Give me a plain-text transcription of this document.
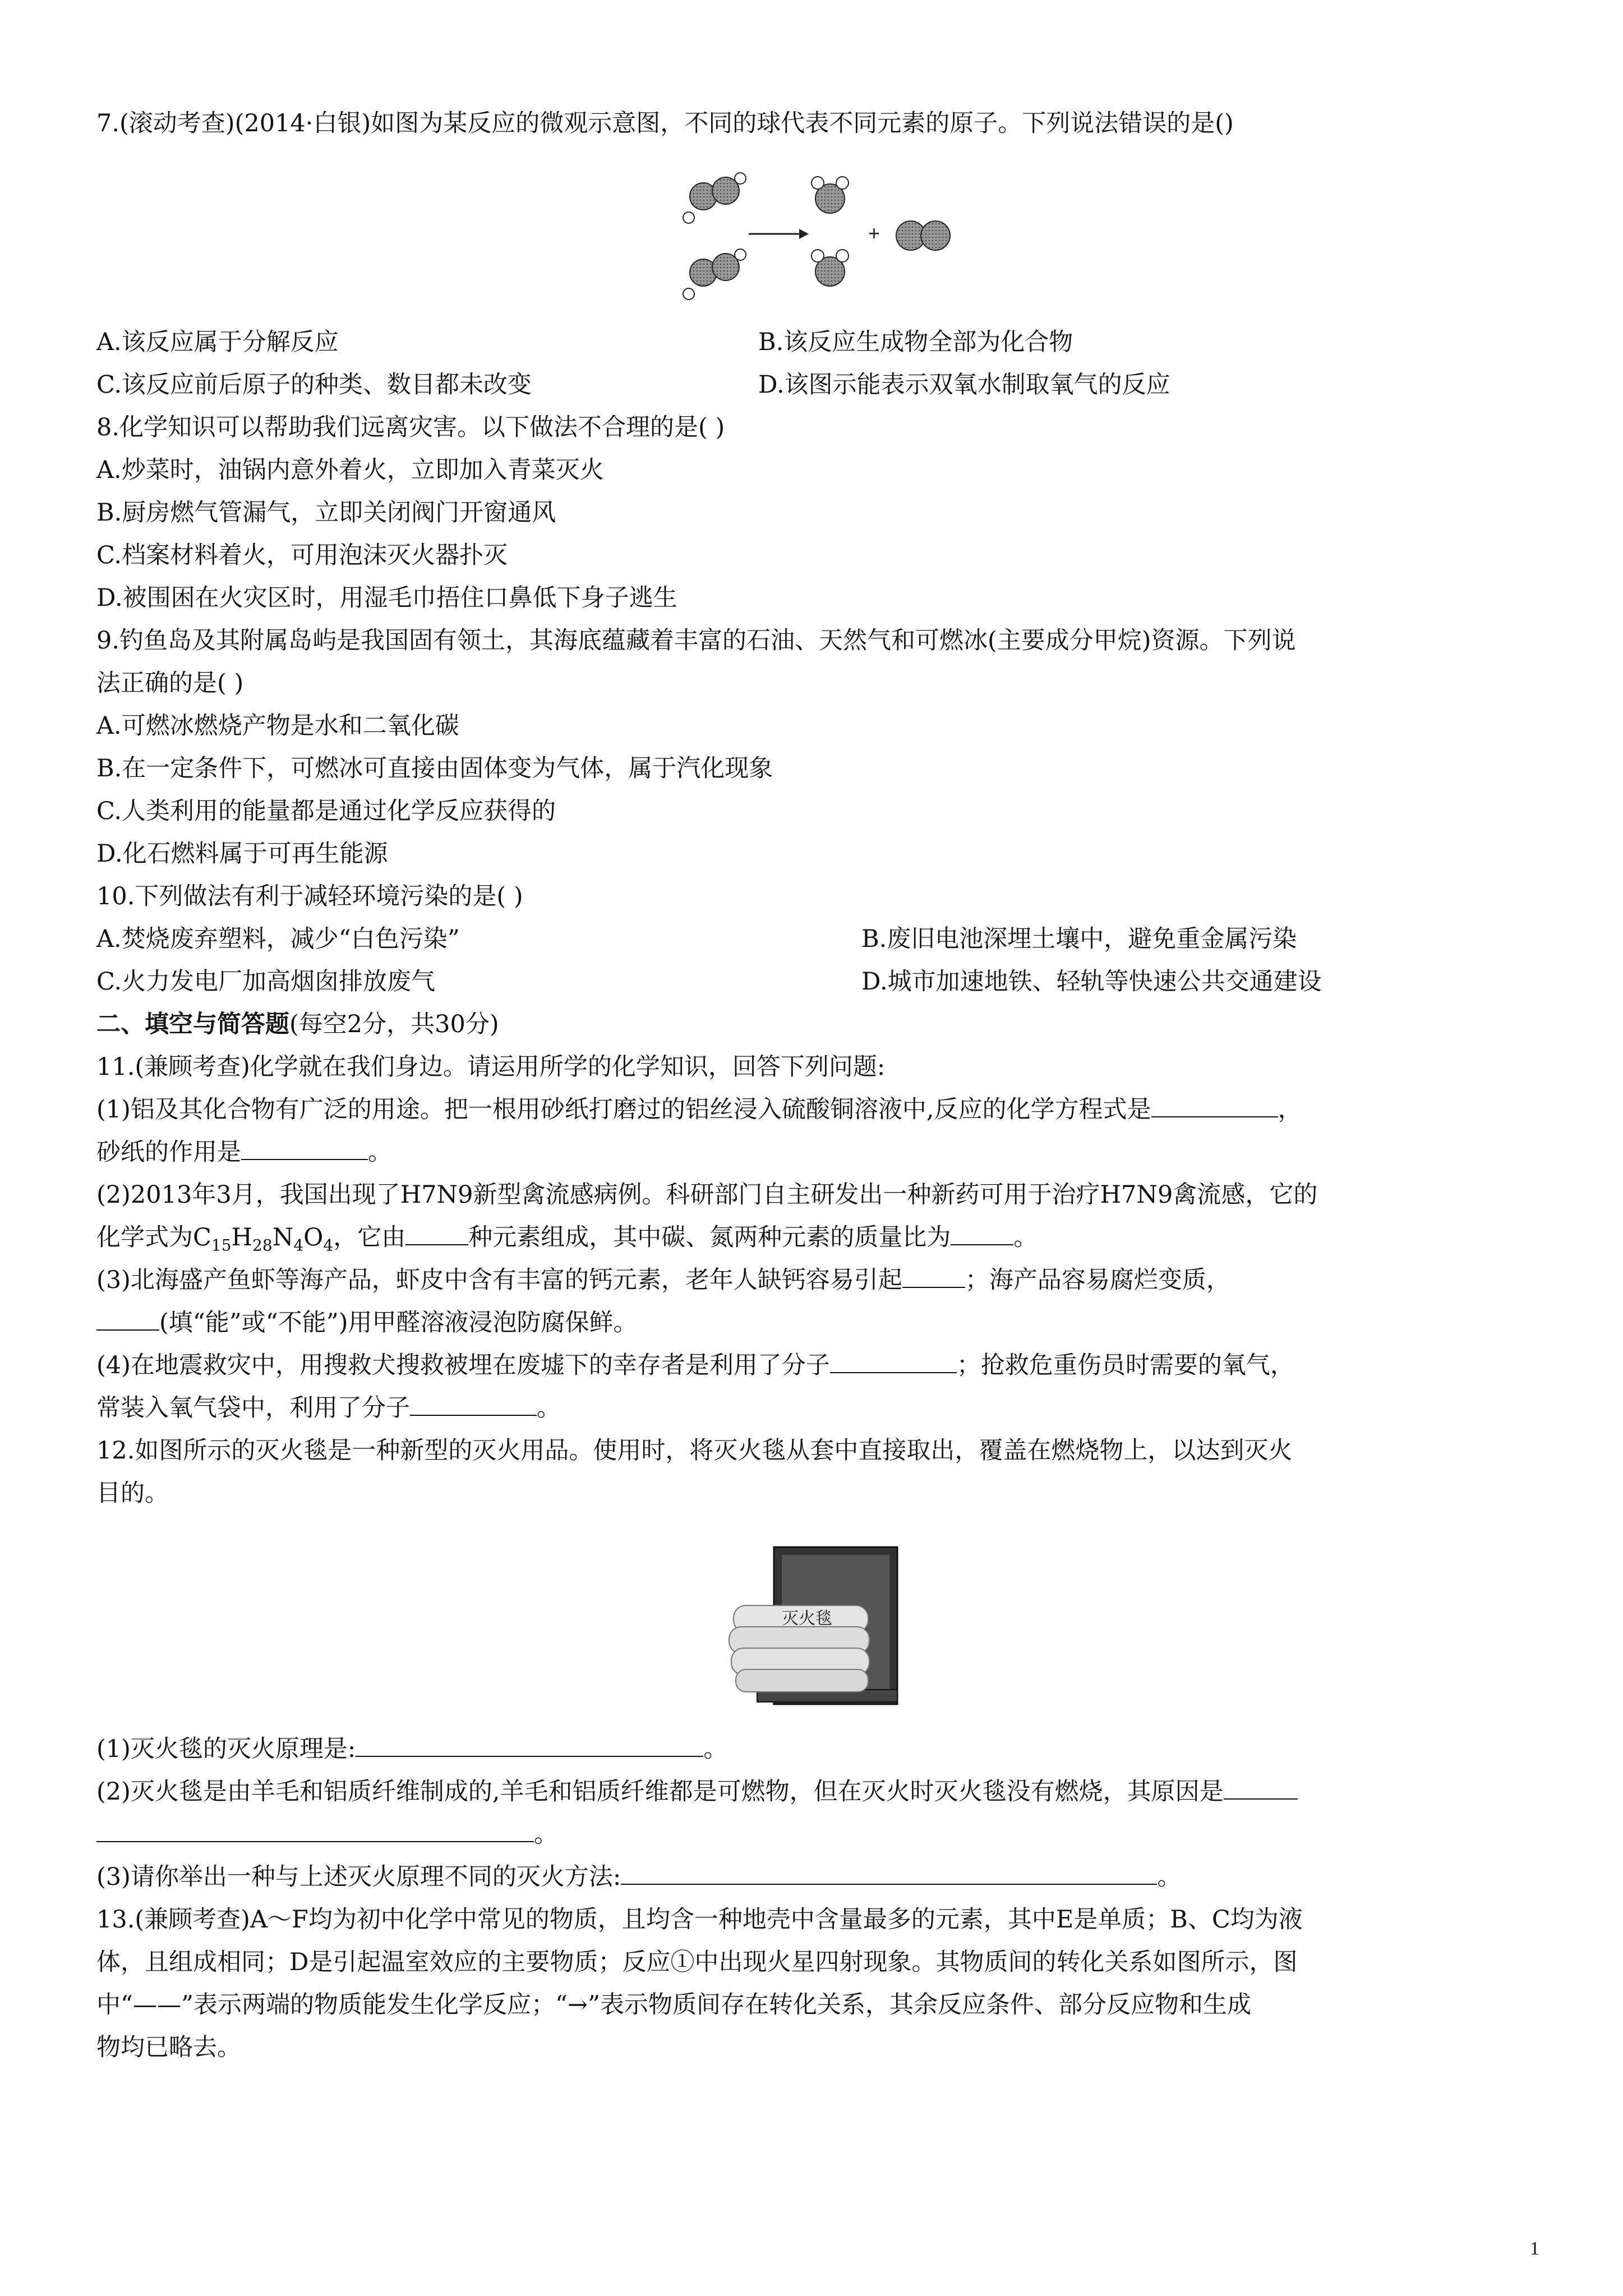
7.(滚动考查)(2014·白银)如图为某反应的微观示意图，不同的球代表不同元素的原子。下列说法错误的是()
+
A.该反应属于分解反应	B.该反应生成物全部为化合物
C.该反应前后原子的种类、数目都未改变	D.该图示能表示双氧水制取氧气的反应
8.化学知识可以帮助我们远离灾害。以下做法不合理的是( )
A.炒菜时，油锅内意外着火，立即加入青菜灭火
B.厨房燃气管漏气，立即关闭阀门开窗通风
C.档案材料着火，可用泡沫灭火器扑灭
D.被围困在火灾区时，用湿毛巾捂住口鼻低下身子逃生
9.钓鱼岛及其附属岛屿是我国固有领土，其海底蕴藏着丰富的石油、天然气和可燃冰(主要成分甲烷)资源。下列说
法正确的是( )
A.可燃冰燃烧产物是水和二氧化碳
B.在一定条件下，可燃冰可直接由固体变为气体，属于汽化现象
C.人类利用的能量都是通过化学反应获得的
D.化石燃料属于可再生能源
10.下列做法有利于减轻环境污染的是( )
A.焚烧废弃塑料，减少“白色污染”	B.废旧电池深埋土壤中，避免重金属污染
C.火力发电厂加高烟囱排放废气	D.城市加速地铁、轻轨等快速公共交通建设
二、填空与简答题(每空2分，共30分)
11.(兼顾考查)化学就在我们身边。请运用所学的化学知识，回答下列问题:
(1)铝及其化合物有广泛的用途。把一根用砂纸打磨过的铝丝浸入硫酸铜溶液中,反应的化学方程式是	，
砂纸的作用是	。
(2)2013年3月，我国出现了H7N9新型禽流感病例。科研部门自主研发出一种新药可用于治疗H7N9禽流感，它的
化学式为$C_{15}H_{28}N_4O_4$，它由	种元素组成，其中碳、氮两种元素的质量比为	。
(3)北海盛产鱼虾等海产品，虾皮中含有丰富的钙元素，老年人缺钙容易引起	；海产品容易腐烂变质，
(填“能”或“不能”)用甲醛溶液浸泡防腐保鲜。
(4)在地震救灾中，用搜救犬搜救被埋在废墟下的幸存者是利用了分子	；抢救危重伤员时需要的氧气，
常装入氧气袋中，利用了分子	。
12.如图所示的灭火毯是一种新型的灭火用品。使用时，将灭火毯从套中直接取出，覆盖在燃烧物上，以达到灭火
目的。
灭火毯
(1)灭火毯的灭火原理是:	。
(2)灭火毯是由羊毛和铝质纤维制成的,羊毛和铝质纤维都是可燃物，但在灭火时灭火毯没有燃烧，其原因是
。
(3)请你举出一种与上述灭火原理不同的灭火方法:	。
13.(兼顾考查)A～F均为初中化学中常见的物质，且均含一种地壳中含量最多的元素，其中E是单质；B、C均为液
体，且组成相同；D是引起温室效应的主要物质；反应①中出现火星四射现象。其物质间的转化关系如图所示，图
中“——”表示两端的物质能发生化学反应；“→”表示物质间存在转化关系，其余反应条件、部分反应物和生成
物均已略去。
1
